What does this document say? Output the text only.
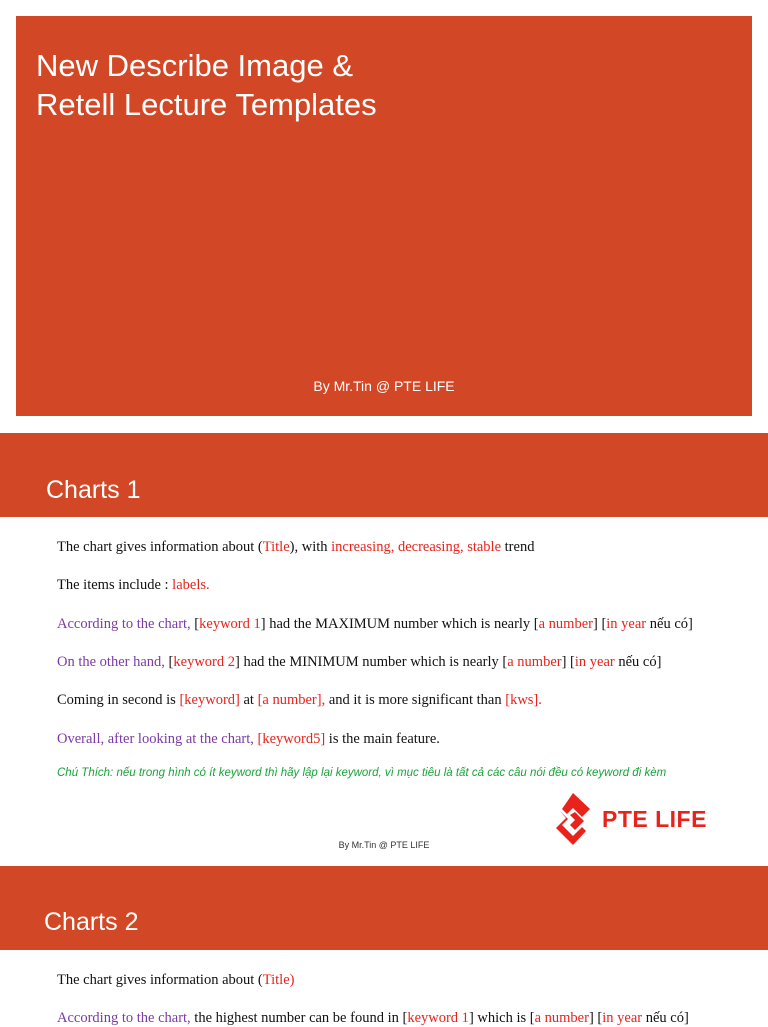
New Describe Image &
Retell Lecture Templates
By Mr.Tin @ PTE LIFE
Charts 1
The chart gives information about (Title), with increasing, decreasing, stable trend
The items include : labels.
According to the chart, [keyword 1] had the MAXIMUM number which is nearly [a number] [in year nếu có]
On the other hand, [keyword 2] had the MINIMUM number which is nearly [a number] [in year nếu có]
Coming in second is [keyword] at [a number], and it is more significant than [kws].
Overall, after looking at the chart, [keyword5] is the main feature.
Chú Thích: nếu trong hình có ít keyword thì hãy lập lại keyword, vì mục tiêu là tất cả các câu nói đều có keyword đi kèm
PTE LIFE
By Mr.Tin @ PTE LIFE
Charts 2
The chart gives information about (Title)
According to the chart, the highest number can be found in [keyword 1] which is [a number] [in year nếu có]
